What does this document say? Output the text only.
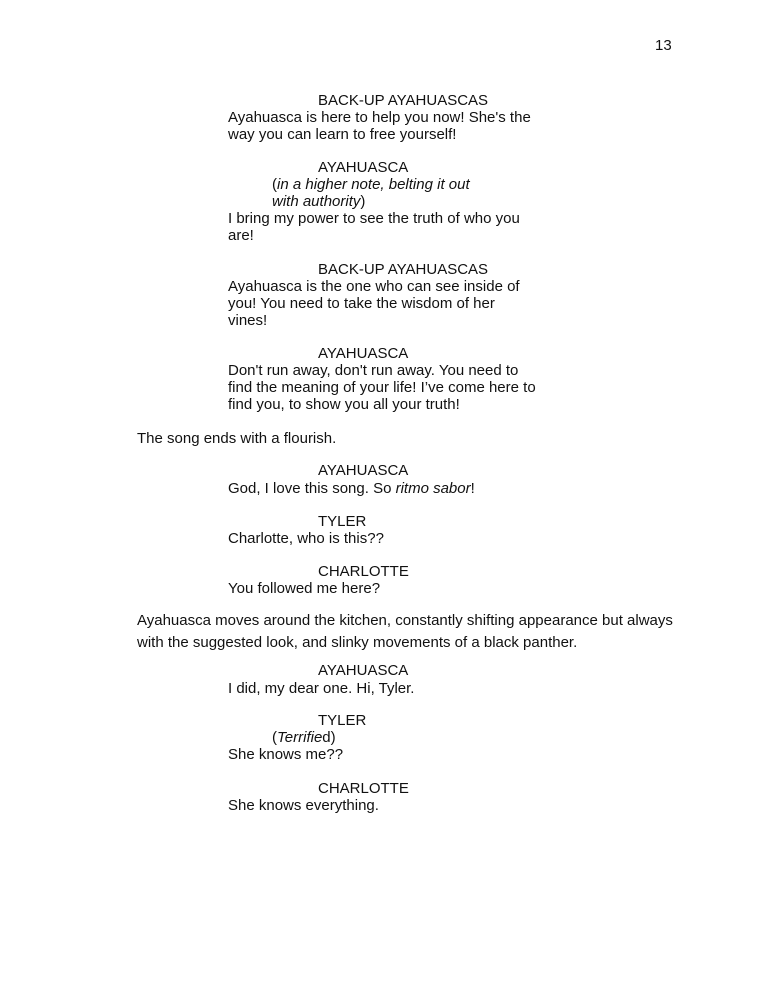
13
BACK-UP AYAHUASCAS
Ayahuasca is here to help you now! She's the
way you can learn to free yourself!
AYAHUASCA
(in a higher note, belting it out
with authority)
I bring my power to see the truth of who you
are!
BACK-UP AYAHUASCAS
Ayahuasca is the one who can see inside of
you! You need to take the wisdom of her
vines!
AYAHUASCA
Don't run away, don't run away. You need to
find the meaning of your life! I’ve come here to
find you, to show you all your truth!
The song ends with a flourish.
AYAHUASCA
God, I love this song. So ritmo sabor!
TYLER
Charlotte, who is this??
CHARLOTTE
You followed me here?
Ayahuasca moves around the kitchen, constantly shifting appearance but always
with the suggested look, and slinky movements of a black panther.
AYAHUASCA
I did, my dear one. Hi, Tyler.
TYLER
(Terrified)
She knows me??
CHARLOTTE
She knows everything.
